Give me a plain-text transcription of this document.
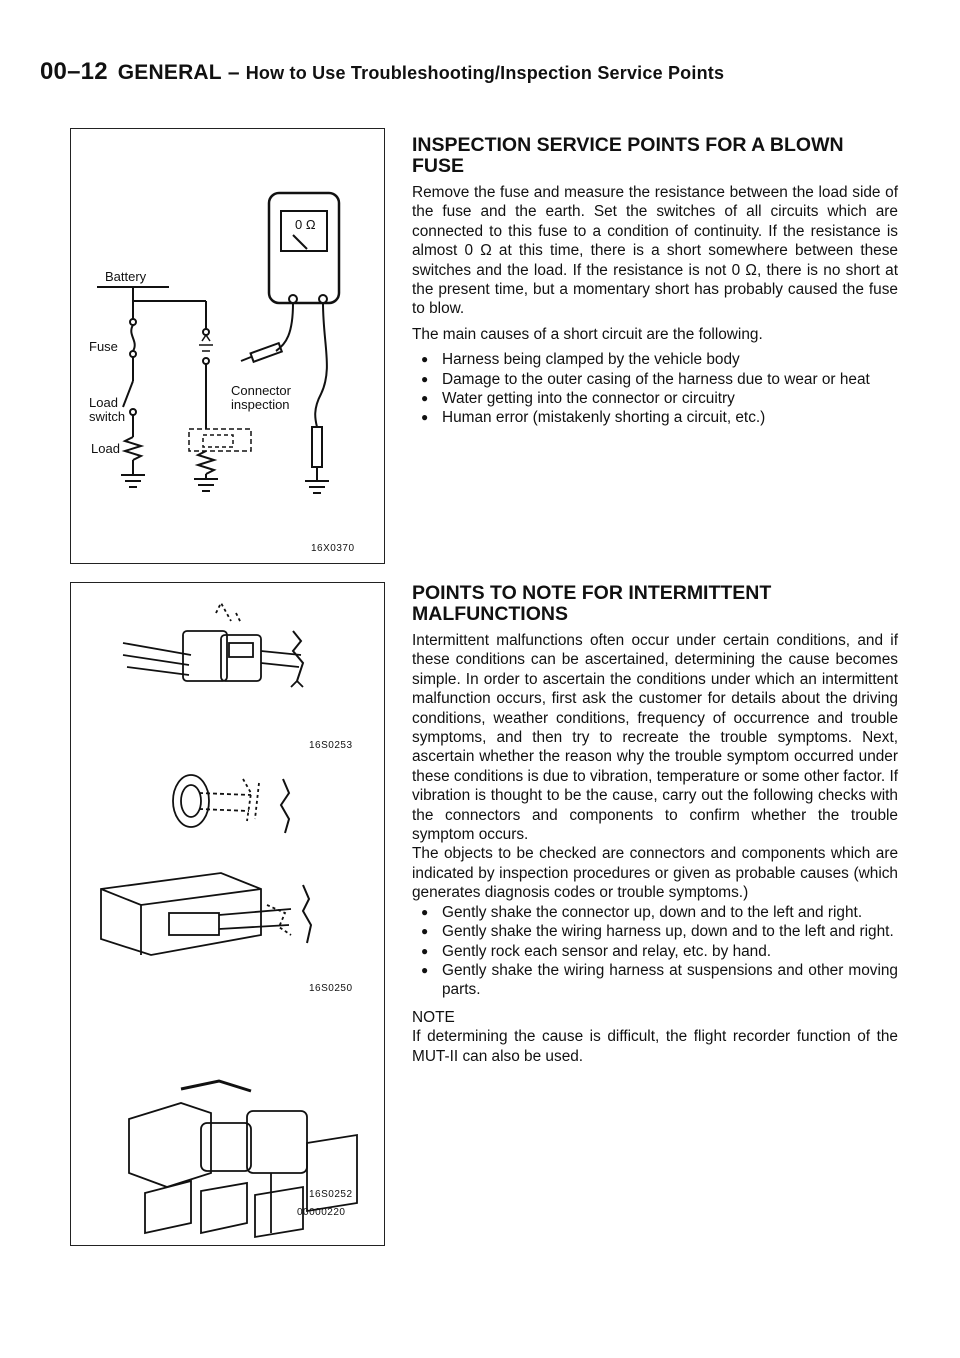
00–12 GENERAL – How to Use Troubleshooting/Inspection Service Points
0 Ω
Battery
Fuse
Load
switch
Load
Connector
inspection
16X0370
16S0253
16S0250
16S0252
00000220
INSPECTION SERVICE POINTS FOR A BLOWN FUSE

Remove the fuse and measure the resistance between the load side of the fuse and the earth. Set the switches of all circuits which are connected to this fuse to a condition of continuity. If the resistance is almost 0 Ω at this time, there is a short somewhere between these switches and the load. If the resistance is not 0 Ω, there is no short at the present time, but a momentary short has probably caused the fuse to blow.

The main causes of a short circuit are the following.

● Harness being clamped by the vehicle body
● Damage to the outer casing of the harness due to wear or heat
● Water getting into the connector or circuitry
● Human error (mistakenly shorting a circuit, etc.)
POINTS TO NOTE FOR INTERMITTENT MALFUNCTIONS

Intermittent malfunctions often occur under certain conditions, and if these conditions can be ascertained, determining the cause becomes simple. In order to ascertain the conditions under which an intermittent malfunction occurs, first ask the customer for details about the driving conditions, weather conditions, frequency of occurrence and trouble symptoms, and then try to recreate the trouble symptoms. Next, ascertain whether the reason why the trouble symptom occurred under these conditions is due to vibration, temperature or some other factor. If vibration is thought to be the cause, carry out the following checks with the connectors and components to confirm whether the trouble symptom occurs.

The objects to be checked are connectors and components which are indicated by inspection procedures or given as probable causes (which generates diagnosis codes or trouble symptoms.)

● Gently shake the connector up, down and to the left and right.
● Gently shake the wiring harness up, down and to the left and right.
● Gently rock each sensor and relay, etc. by hand.
● Gently shake the wiring harness at suspensions and other moving parts.

NOTE

If determining the cause is difficult, the flight recorder function of the MUT-II can also be used.
